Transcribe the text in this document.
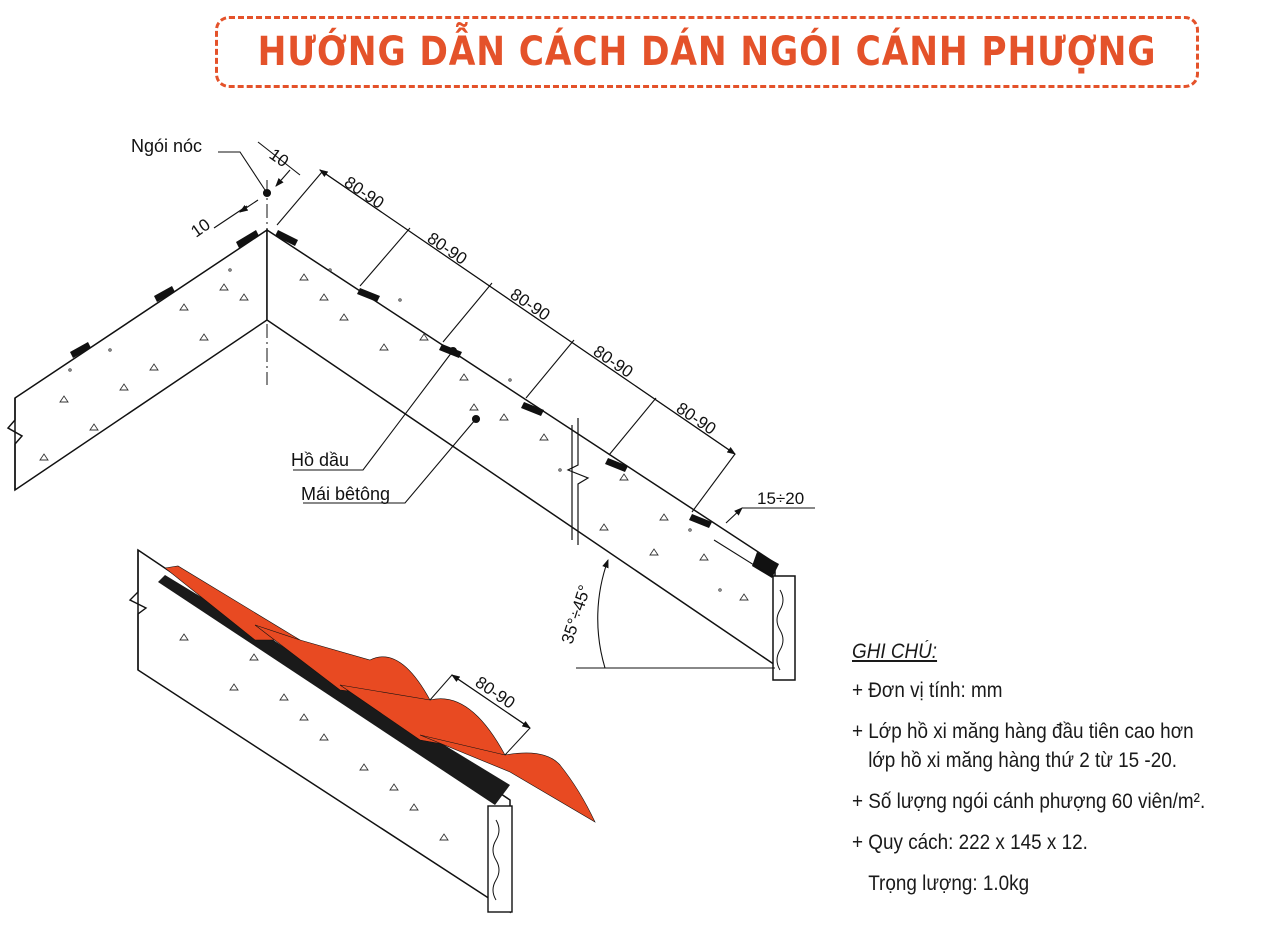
HƯỚNG DẪN CÁCH DÁN NGÓI CÁNH PHƯỢNG
Ngói nóc
Hồ dầu
Mái bêtông
10
10
80-90
80-90
80-90
80-90
80-90
15÷20
35°÷45°
80-90
GHI CHÚ:
+ Đơn vị tính: mm
+ Lớp hồ xi măng hàng đầu tiên cao hơn
lớp hồ xi măng hàng thứ 2 từ 15 -20.
+ Số lượng ngói cánh phượng 60 viên/m².
+ Quy cách: 222 x 145 x 12.
Trọng lượng: 1.0kg
